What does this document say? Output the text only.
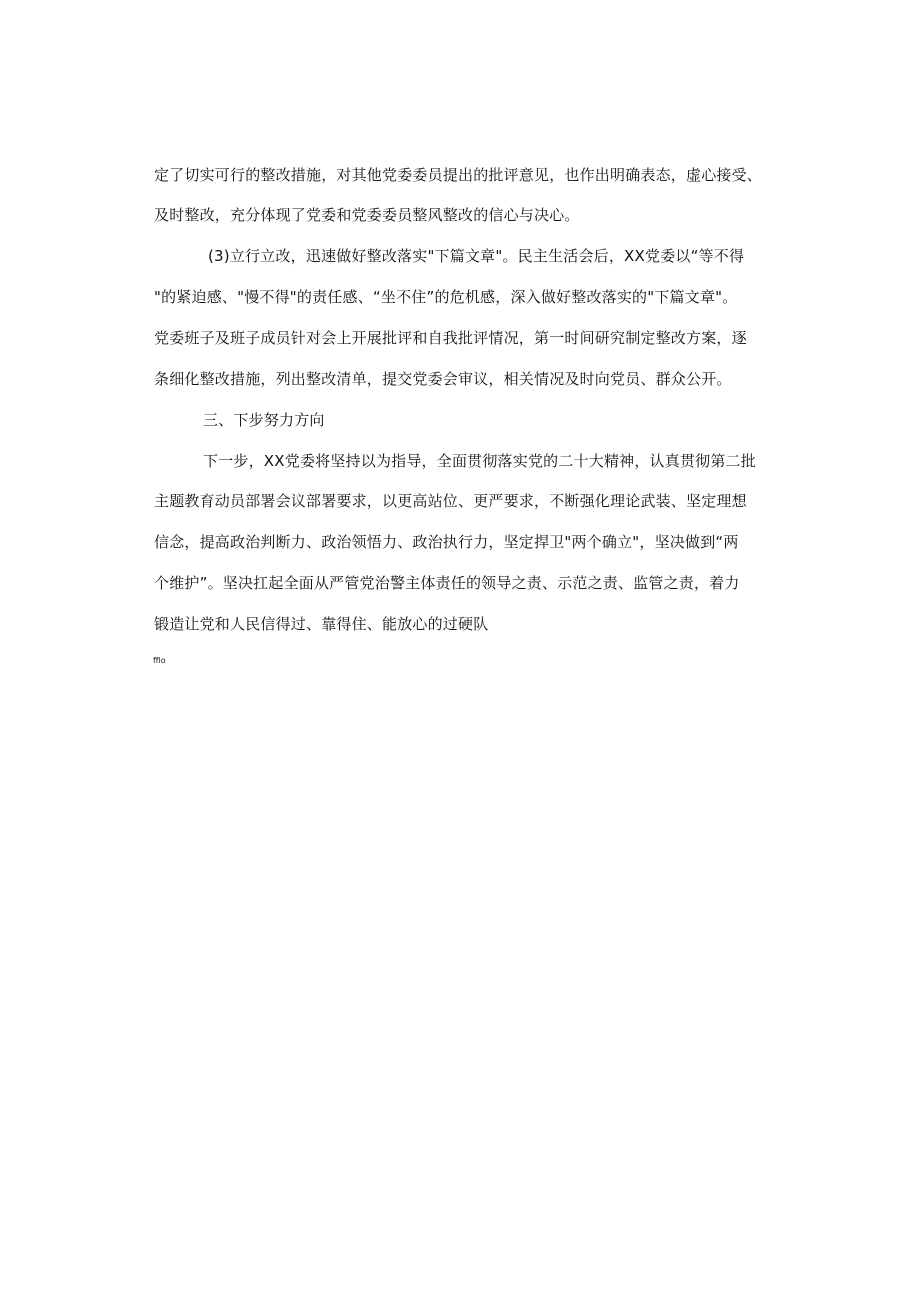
定了切实可行的整改措施，对其他党委委员提出的批评意见，也作出明确表态，虚心接受、
及时整改，充分体现了党委和党委委员整风整改的信心与决心。
(3)立行立改，迅速做好整改落实"下篇文章"。民主生活会后，XX党委以“等不得
"的紧迫感、"慢不得"的责任感、“坐不住”的危机感，深入做好整改落实的"下篇文章"。
党委班子及班子成员针对会上开展批评和自我批评情况，第一时间研究制定整改方案，逐
条细化整改措施，列出整改清单，提交党委会审议，相关情况及时向党员、群众公开。
三、下步努力方向
下一步，XX党委将坚持以为指导，全面贯彻落实党的二十大精神，认真贯彻第二批
主题教育动员部署会议部署要求，以更高站位、更严要求，不断强化理论武装、坚定理想
信念，提高政治判断力、政治领悟力、政治执行力，坚定捍卫"两个确立"，坚决做到“两
个维护”。坚决扛起全面从严管党治警主体责任的领导之责、示范之责、监管之责，着力
锻造让党和人民信得过、靠得住、能放心的过硬队
ffio
